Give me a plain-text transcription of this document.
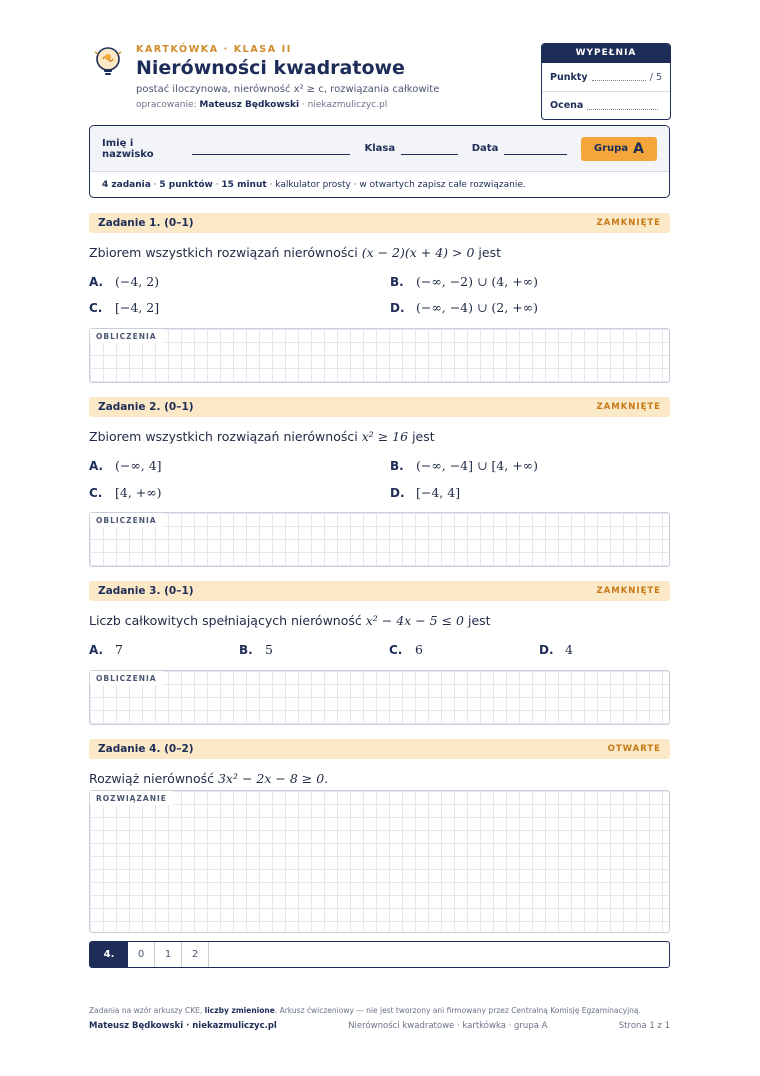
KARTKÓWKA · KLASA II
Nierówności kwadratowe
postać iloczynowa, nierówność x² ≥ c, rozwiązania całkowite
opracowanie: Mateusz Będkowski · niekazmuliczyc.pl
WYPEŁNIA NAUCZYCIEL
Punkty	/ 5
Ocena
Imię i nazwisko	Klasa	Data	Grupa A
4 zadania · 5 punktów · 15 minut
· kalkulator prosty · w otwartych zapisz całe rozwiązanie.
Zadanie 1. (0–1)	ZAMKNIĘTE
Zbiorem wszystkich rozwiązań nierówności (x − 2)(x + 4) > 0 jest
A. (−4, 2)	B. (−∞, −2) ∪ (4, +∞)
C.	[−4, 2]	D. (−∞, −4) ∪ (2, +∞)
OBLICZENIA
Zadanie 2. (0–1)	ZAMKNIĘTE
Zbiorem wszystkich rozwiązań nierówności x² ≥ 16 jest
A. (−∞, 4]	B. (−∞, −4] ∪ [4, +∞)
C.	[4, +∞)	D. [−4, 4]
OBLICZENIA
Zadanie 3. (0–1)	ZAMKNIĘTE
Liczb całkowitych spełniających nierówność x² − 4x − 5 ≤ 0 jest
A. 7	B. 5	C.	6	D. 4
OBLICZENIA
Zadanie 4. (0–2)	OTWARTE
Rozwiąż nierówność 3x² − 2x − 8 ≥ 0.
ROZWIĄZANIE
4.	0	1	2
Zadania na wzór arkuszy CKE, liczby zmienione. Arkusz ćwiczeniowy — nie jest tworzony ani firmowany przez Centralną Komisję Egzaminacyjną.
Mateusz Będkowski · niekazmuliczyc.pl	Nierówności kwadratowe · kartkówka · grupa A	Strona 1 z 1
